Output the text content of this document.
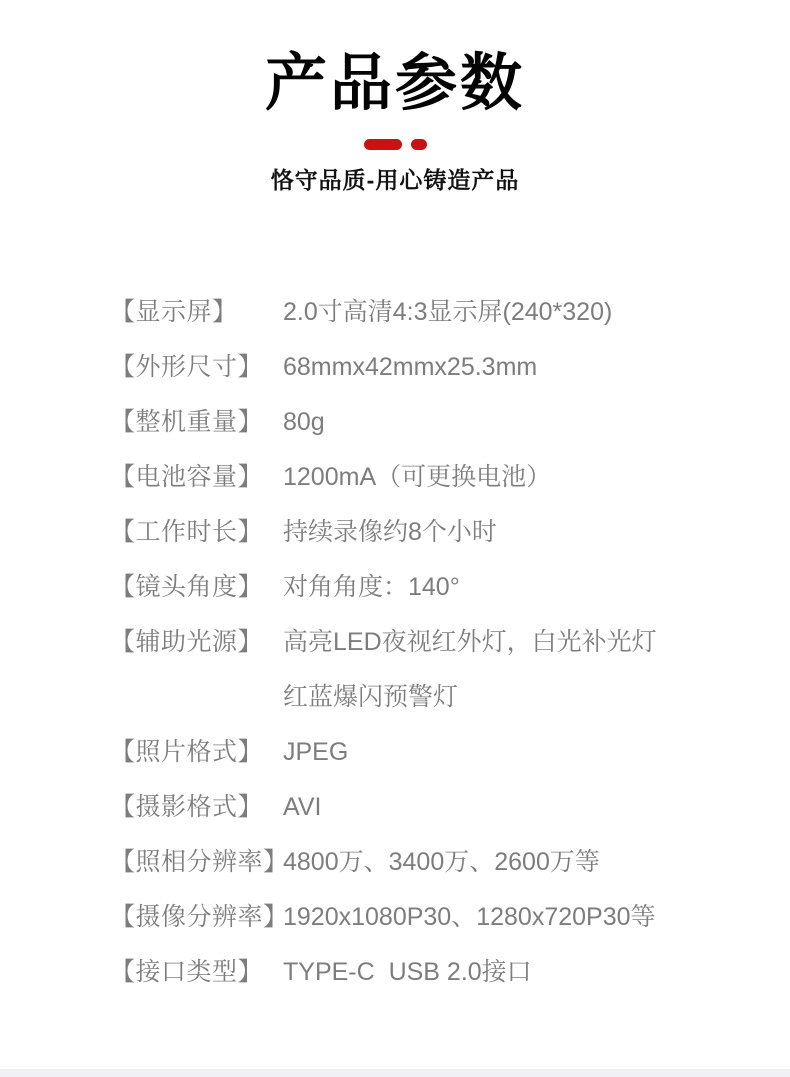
产品参数

恪守品质-用心铸造产品

【显示屏】	2.0寸高清4:3显示屏(240*320)
【外形尺寸】 68mmx42mmx25.3mm
【整机重量】 80g
【电池容量】 1200mA（可更换电池）
【工作时长】 持续录像约8个小时
【镜头角度】 对角角度：140°
【辅助光源】 高亮LED夜视红外灯，白光补光灯
红蓝爆闪预警灯
【照片格式】 JPEG
【摄影格式】 AVI
【照相分辨率】
4800万、3400万、2600万等
【摄像分辨率】
1920x1080P30、1280x720P30等
【接口类型】 TYPE-C  USB 2.0接口
